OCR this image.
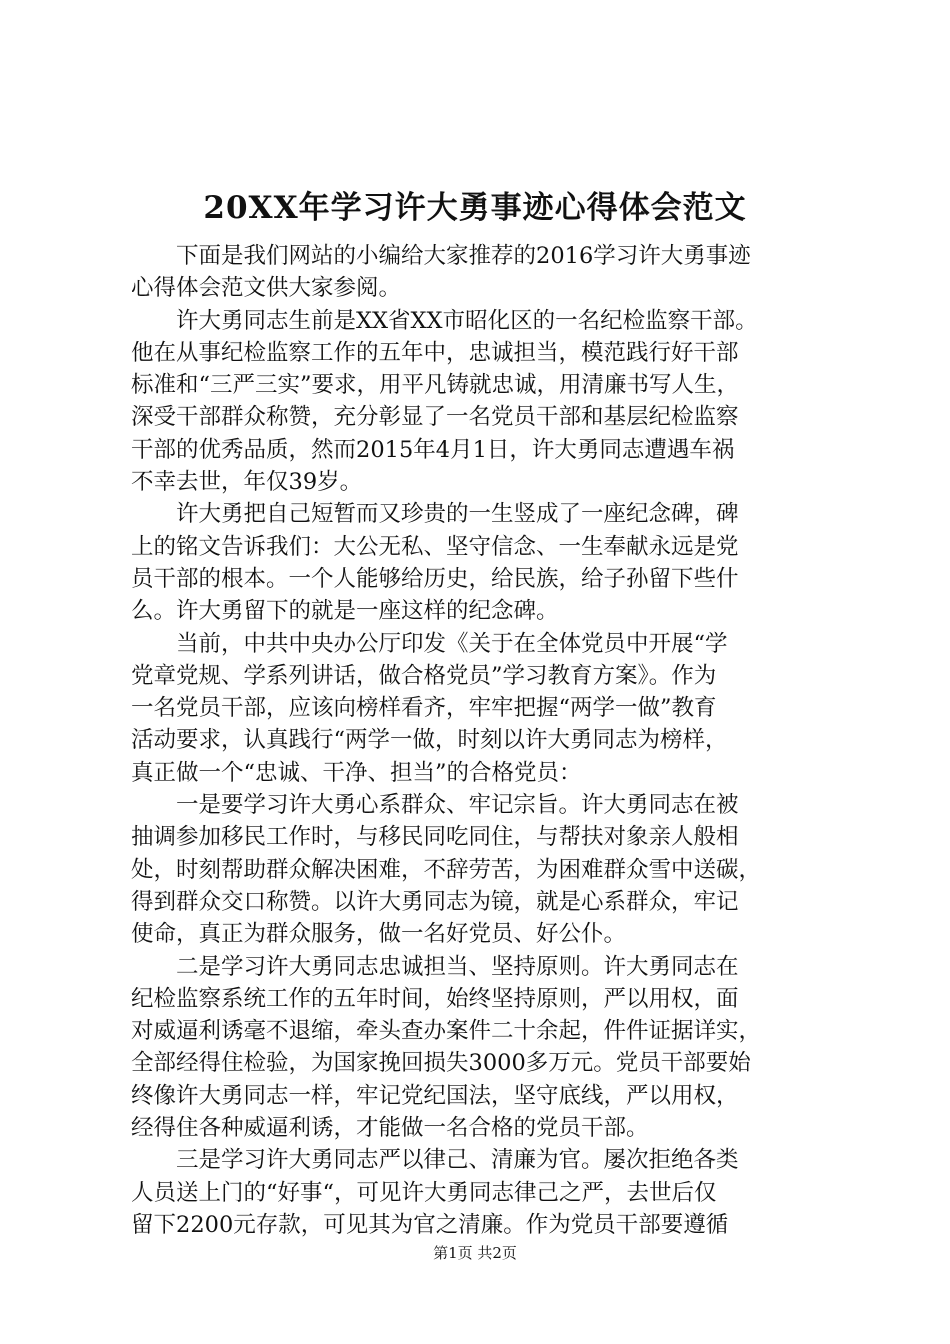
20XX年学习许大勇事迹心得体会范文
　　下面是我们网站的小编给大家推荐的2016学习许大勇事迹
心得体会范文供大家参阅。
　　许大勇同志生前是XX省XX市昭化区的一名纪检监察干部。
他在从事纪检监察工作的五年中，忠诚担当，模范践行好干部
标准和“三严三实”要求，用平凡铸就忠诚，用清廉书写人生，
深受干部群众称赞，充分彰显了一名党员干部和基层纪检监察
干部的优秀品质，然而2015年4月1日，许大勇同志遭遇车祸
不幸去世，年仅39岁。
　　许大勇把自己短暂而又珍贵的一生竖成了一座纪念碑，碑
上的铭文告诉我们：大公无私、坚守信念、一生奉献永远是党
员干部的根本。一个人能够给历史，给民族，给子孙留下些什
么。许大勇留下的就是一座这样的纪念碑。
　　当前，中共中央办公厅印发《关于在全体党员中开展“学
党章党规、学系列讲话，做合格党员”学习教育方案》。作为
一名党员干部，应该向榜样看齐，牢牢把握“两学一做”教育
活动要求，认真践行“两学一做，时刻以许大勇同志为榜样，
真正做一个“忠诚、干净、担当”的合格党员：
　　一是要学习许大勇心系群众、牢记宗旨。许大勇同志在被
抽调参加移民工作时，与移民同吃同住，与帮扶对象亲人般相
处，时刻帮助群众解决困难，不辞劳苦，为困难群众雪中送碳，
得到群众交口称赞。以许大勇同志为镜，就是心系群众，牢记
使命，真正为群众服务，做一名好党员、好公仆。
　　二是学习许大勇同志忠诚担当、坚持原则。许大勇同志在
纪检监察系统工作的五年时间，始终坚持原则，严以用权，面
对威逼利诱毫不退缩，牵头查办案件二十余起，件件证据详实，
全部经得住检验，为国家挽回损失3000多万元。党员干部要始
终像许大勇同志一样，牢记党纪国法，坚守底线，严以用权，
经得住各种威逼利诱，才能做一名合格的党员干部。
　　三是学习许大勇同志严以律己、清廉为官。屡次拒绝各类
人员送上门的“好事“，可见许大勇同志律己之严，去世后仅
留下2200元存款，可见其为官之清廉。作为党员干部要遵循
第1页 共2页
